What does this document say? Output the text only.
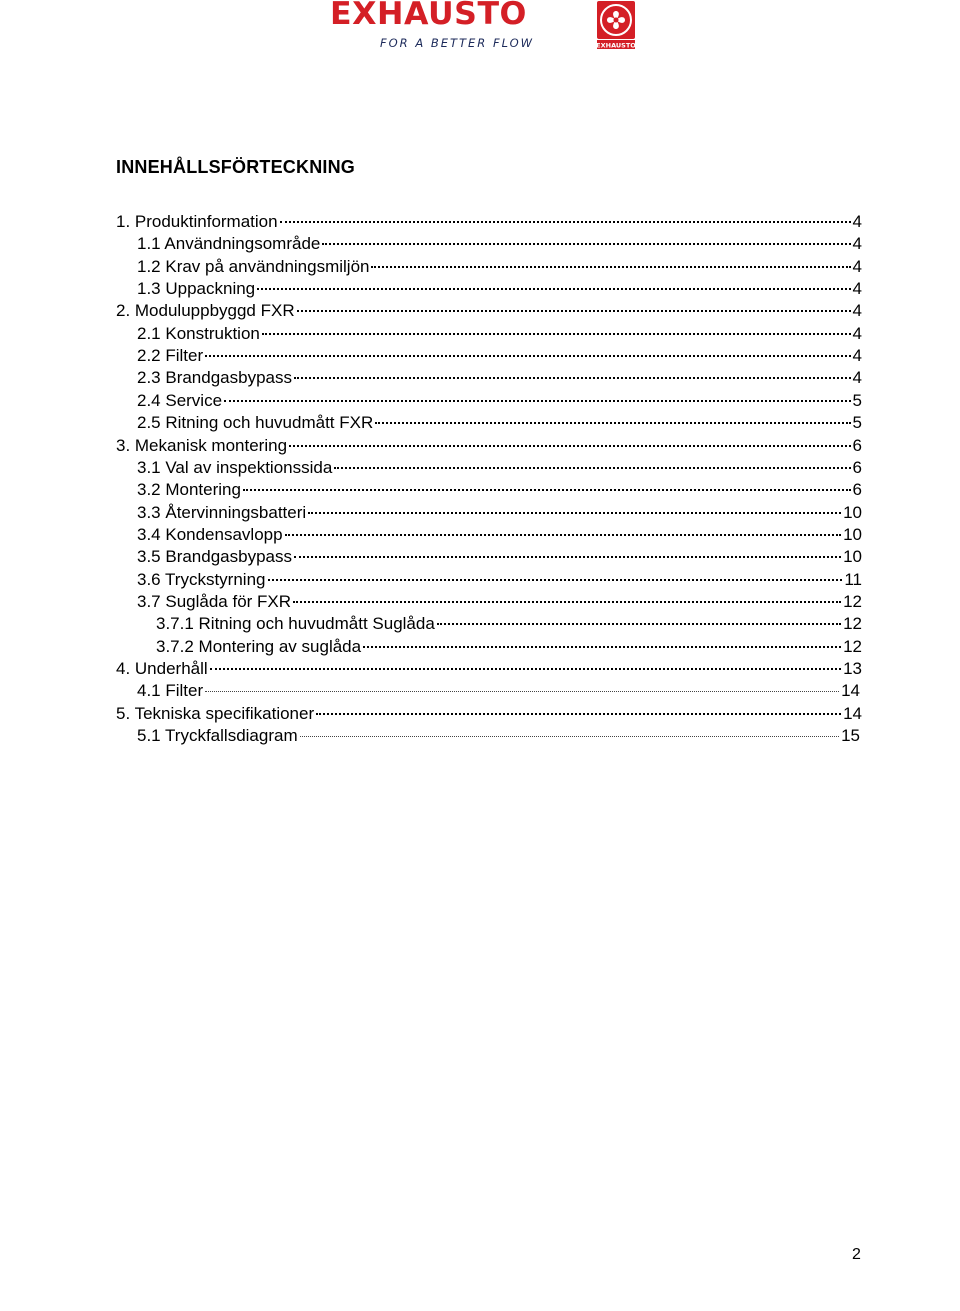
EXHAUSTO
FOR A BETTER FLOW	EXHAUSTO
INNEHÅLLSFÖRTECKNING
1. Produktinformation	4
1.1 Användningsområde	4
1.2 Krav på användningsmiljön	4
1.3 Uppackning	4
2. Moduluppbyggd FXR	4
2.1 Konstruktion	4
2.2 Filter	4
2.3 Brandgasbypass	4
2.4 Service	5
2.5 Ritning och huvudmått FXR	5
3. Mekanisk montering	6
3.1 Val av inspektionssida	6
3.2 Montering	6
3.3 Återvinningsbatteri	10
3.4 Kondensavlopp	10
3.5 Brandgasbypass	10
3.6 Tryckstyrning	11
3.7 Suglåda för FXR	12
3.7.1 Ritning och huvudmått Suglåda	12
3.7.2 Montering av suglåda	12
4. Underhåll	13
4.1 Filter	14
5. Tekniska specifikationer	14
5.1 Tryckfallsdiagram	15
2
